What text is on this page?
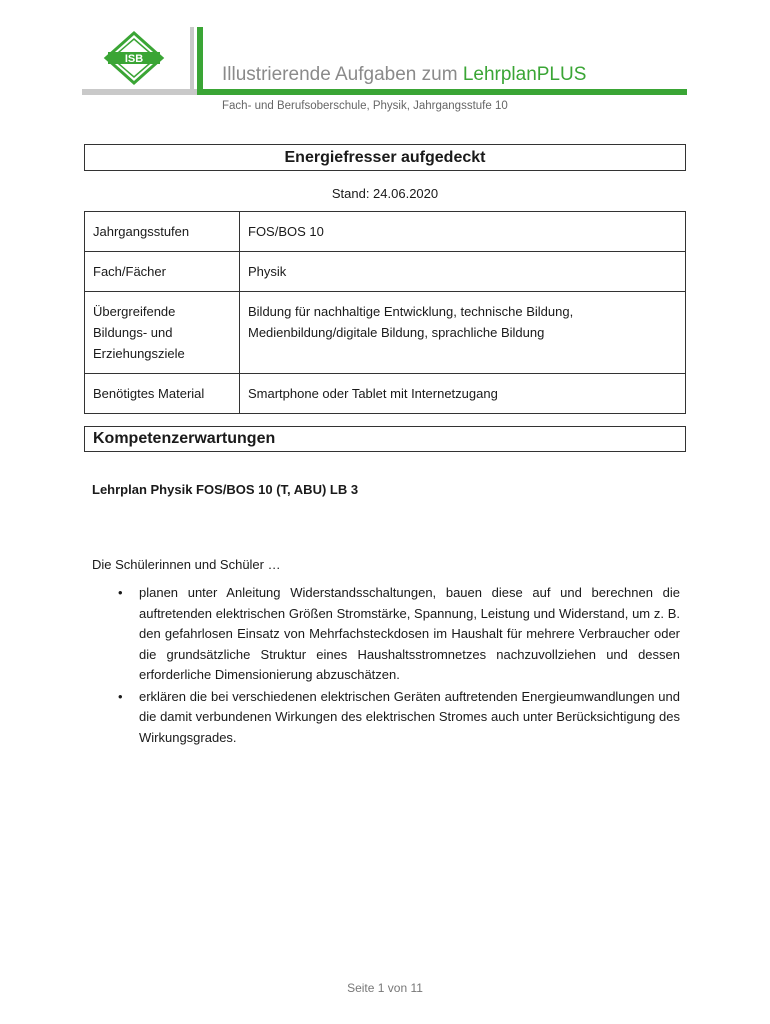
ISB
Illustrierende Aufgaben zum LehrplanPLUS
Fach- und Berufsoberschule, Physik, Jahrgangsstufe 10
Energiefresser aufgedeckt
Stand: 24.06.2020
Jahrgangsstufen	FOS/BOS 10
Fach/Fächer	Physik
Übergreifende Bildungs- und Erziehungsziele	Bildung für nachhaltige Entwicklung, technische Bildung, Medienbildung/digitale Bildung, sprachliche Bildung
Benötigtes Material	Smartphone oder Tablet mit Internetzugang
Kompetenzerwartungen
Lehrplan Physik FOS/BOS 10 (T, ABU) LB 3
Die Schülerinnen und Schüler …
• planen unter Anleitung Widerstandsschaltungen, bauen diese auf und berechnen die auftretenden elektrischen Größen Stromstärke, Spannung, Leistung und Widerstand, um z. B. den gefahrlosen Einsatz von Mehrfachsteckdosen im Haushalt für mehrere Verbraucher oder die grundsätzliche Struktur eines Haushaltsstromnetzes nachzuvollziehen und dessen erforderliche Dimensionierung abzuschätzen.
• erklären die bei verschiedenen elektrischen Geräten auftretenden Energieumwandlungen und die damit verbundenen Wirkungen des elektrischen Stromes auch unter Berücksichtigung des Wirkungsgrades.
Seite 1 von 11
